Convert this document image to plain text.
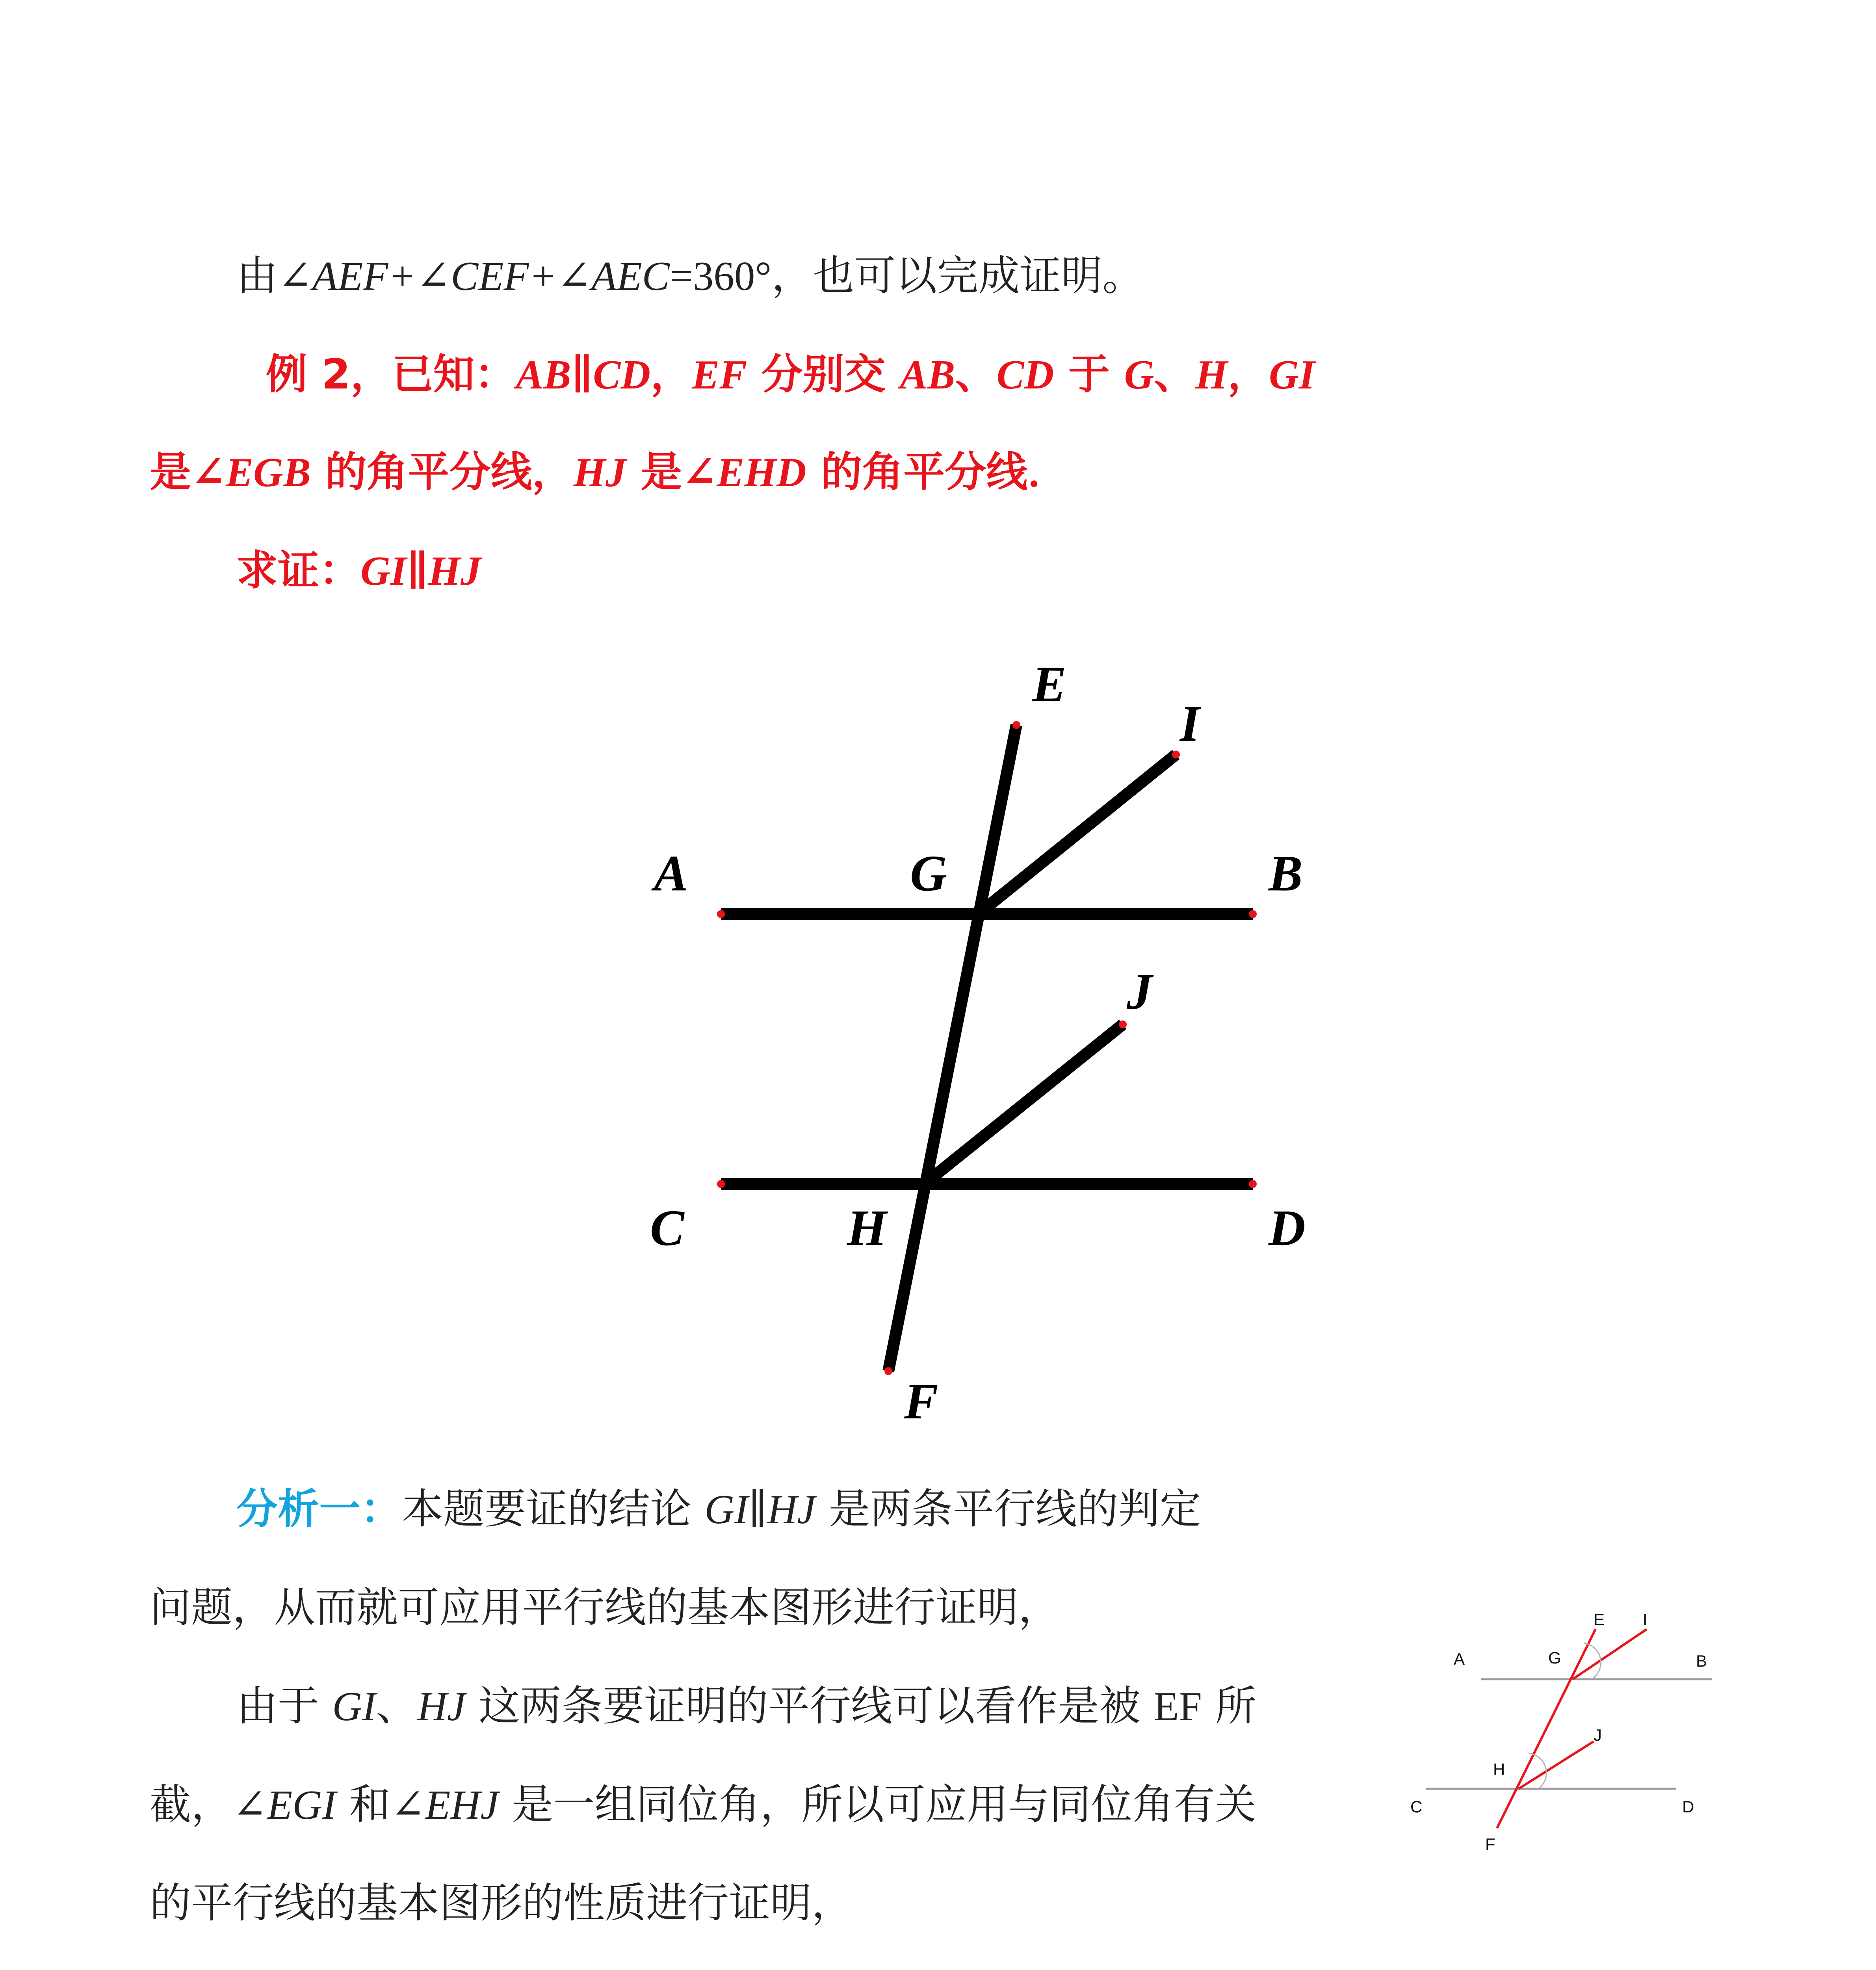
由∠AEF+∠CEF+∠AEC=360°，也可以完成证明。

例 2，已知：AB∥CD，EF 分别交 AB、CD 于 G、H，GI

是∠EGB 的角平分线，HJ 是∠EHD 的角平分线．

求证：GI∥HJ

E
I
A	G	B
J
C	H	D
F

分析一：本题要证的结论 GI∥HJ 是两条平行线的判定

问题，从而就可应用平行线的基本图形进行证明，

由于 GI、HJ 这两条要证明的平行线可以看作是被 EF 所

截，∠EGI 和∠EHJ 是一组同位角，所以可应用与同位角有关

的平行线的基本图形的性质进行证明，

E I
A	G	B
J
H
C	D
F
